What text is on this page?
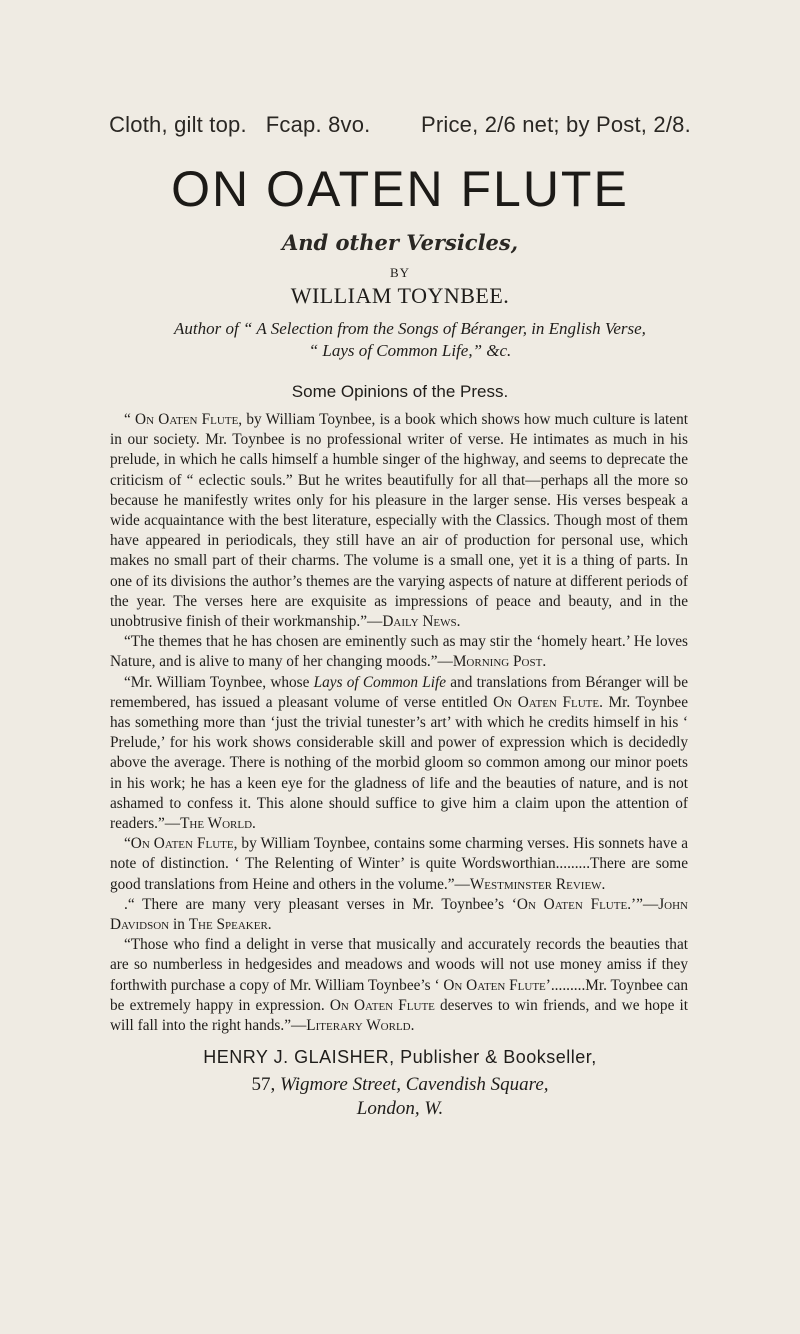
Cloth, gilt top.   Fcap. 8vo.        Price, 2/6 net; by Post, 2/8.
ON OATEN FLUTE
And other Versicles,
BY
WILLIAM TOYNBEE.
Author of “ A Selection from the Songs of Béranger, in English Verse,
“ Lays of Common Life,” &c.
Some Opinions of the Press.

“ On Oaten Flute, by William Toynbee, is a book which shows how much culture is latent in our society. Mr. Toynbee is no professional writer of verse. He intimates as much in his prelude, in which he calls himself a humble singer of the highway, and seems to deprecate the criticism of “ eclectic souls.” But he writes beautifully for all that—perhaps all the more so because he manifestly writes only for his pleasure in the larger sense. His verses bespeak a wide acquaintance with the best literature, especially with the Classics. Though most of them have appeared in periodicals, they still have an air of production for personal use, which makes no small part of their charms. The volume is a small one, yet it is a thing of parts. In one of its divisions the author’s themes are the varying aspects of nature at different periods of the year. The verses here are exquisite as impressions of peace and beauty, and in the unobtrusive finish of their workmanship.”—Daily News.

“The themes that he has chosen are eminently such as may stir the ‘homely heart.’ He loves Nature, and is alive to many of her changing moods.”—Morning Post.

“Mr. William Toynbee, whose Lays of Common Life and translations from Béranger will be remembered, has issued a pleasant volume of verse entitled On Oaten Flute. Mr. Toynbee has something more than ‘just the trivial tunester’s art’ with which he credits himself in his ‘ Prelude,’ for his work shows considerable skill and power of expression which is decidedly above the average. There is nothing of the morbid gloom so common among our minor poets in his work; he has a keen eye for the gladness of life and the beauties of nature, and is not ashamed to confess it. This alone should suffice to give him a claim upon the attention of readers.”—The World.

“On Oaten Flute, by William Toynbee, contains some charming verses. His sonnets have a note of distinction. ‘ The Relenting of Winter’ is quite Wordsworthian.........There are some good translations from Heine and others in the volume.”—Westminster Review.

.“ There are many very pleasant verses in Mr. Toynbee’s ‘On Oaten Flute.’”—John Davidson in The Speaker.

“Those who find a delight in verse that musically and accurately records the beauties that are so numberless in hedgesides and meadows and woods will not use money amiss if they forthwith purchase a copy of Mr. William Toynbee’s ‘ On Oaten Flute’.........Mr. Toynbee can be extremely happy in expression. On Oaten Flute deserves to win friends, and we hope it will fall into the right hands.”—Literary World.

HENRY J. GLAISHER, Publisher & Bookseller,
57, Wigmore Street, Cavendish Square,
London, W.
